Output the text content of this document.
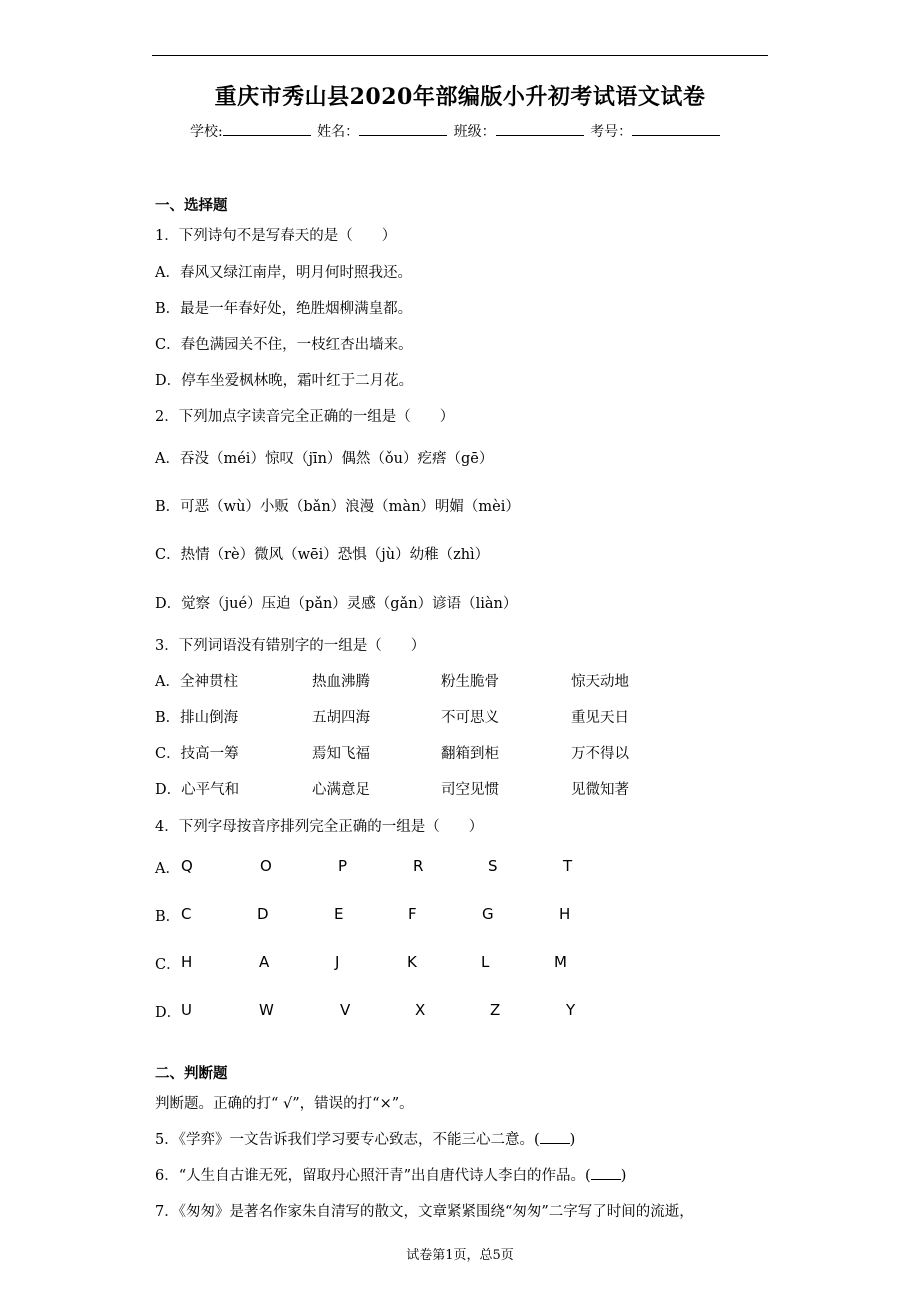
重庆市秀山县2020年部编版小升初考试语文试卷
学校:	姓名：	班级：	考号：
一、选择题
1．下列诗句不是写春天的是（　　）
A．春风又绿江南岸，明月何时照我还。
B．最是一年春好处，绝胜烟柳满皇都。
C．春色满园关不住，一枝红杏出墙来。
D．停车坐爱枫林晚，霜叶红于二月花。
2．下列加点字读音完全正确的一组是（　　）
A．吞没（méi）惊叹（jīn）偶然（ǒu）疙瘩（gē）
B．可恶（wù）小贩（bǎn）浪漫（màn）明媚（mèi）
C．热情（rè）微风（wēi）恐惧（jù）幼稚（zhì）
D．觉察（jué）压迫（pǎn）灵感（gǎn）谚语（liàn）
3．下列词语没有错别字的一组是（　　）
A．全神贯柱	热血沸腾	粉生脆骨	惊天动地
B．排山倒海	五胡四海	不可思义	重见天日
C．技高一筹	焉知飞福	翻箱到柜	万不得以
D．心平气和	心满意足	司空见惯	见微知著
4．下列字母按音序排列完全正确的一组是（　　）
A． Q	O	P	R	S	T
B． C	D	E	F	G	H
C． H	A	J	K	L	M
D． U	W	V	X	Z	Y
二、判断题
判断题。正确的打“ √”，错误的打“×”。
5．《学弈》一文告诉我们学习要专心致志，不能三心二意。( )
6．“人生自古谁无死，留取丹心照汗青”出自唐代诗人李白的作品。( )
7．《匆匆》是著名作家朱自清写的散文，文章紧紧围绕“匆匆”二字写了时间的流逝，
试卷第1页，总5页
